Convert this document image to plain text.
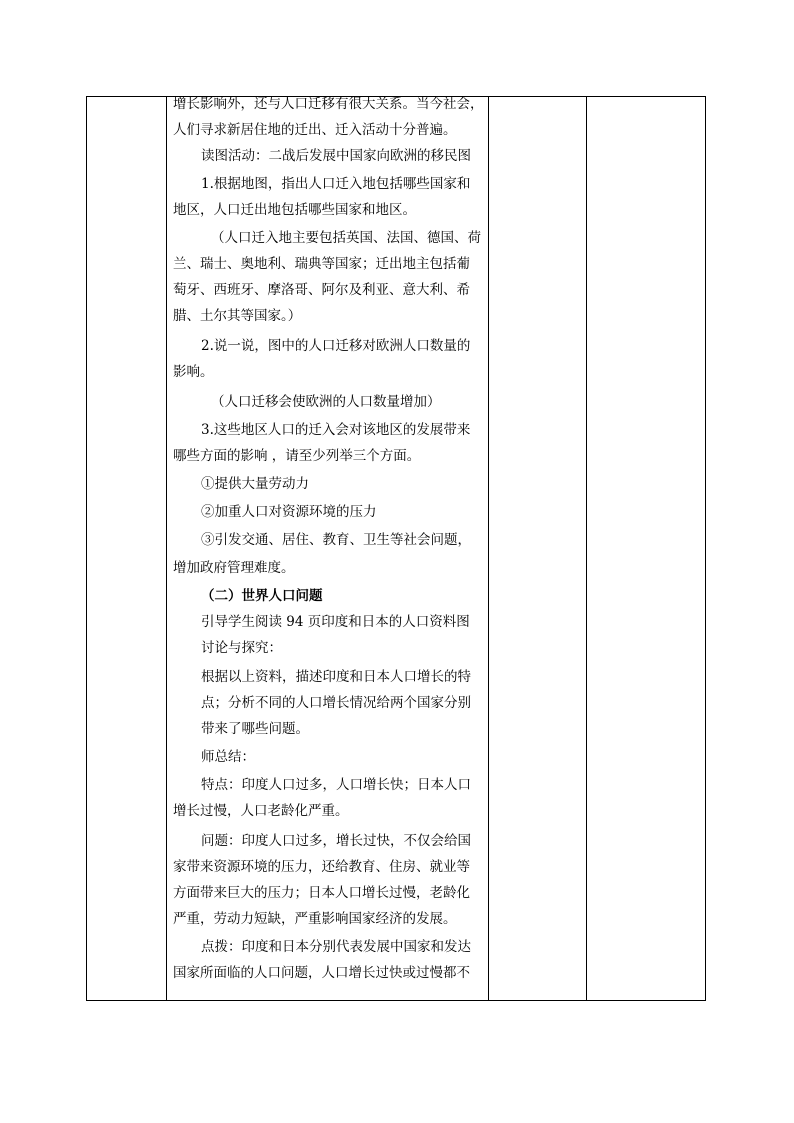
增长影响外，还与人口迁移有很大关系。当今社会，
人们寻求新居住地的迁出、迁入活动十分普遍。
读图活动：二战后发展中国家向欧洲的移民图
1.根据地图，指出人口迁入地包括哪些国家和
地区，人口迁出地包括哪些国家和地区。
（人口迁入地主要包括英国、法国、德国、荷
兰、瑞士、奥地利、瑞典等国家；迁出地主包括葡
萄牙、西班牙、摩洛哥、阿尔及利亚、意大利、希
腊、土尔其等国家。）
2.说一说，图中的人口迁移对欧洲人口数量的
影响。
（人口迁移会使欧洲的人口数量增加）
3.这些地区人口的迁入会对该地区的发展带来
哪些方面的影响 ，请至少列举三个方面。
①提供大量劳动力
②加重人口对资源环境的压力
③引发交通、居住、教育、卫生等社会问题，
增加政府管理难度。
（二）世界人口问题
引导学生阅读 94 页印度和日本的人口资料图
讨论与探究：
根据以上资料，描述印度和日本人口增长的特
点；分析不同的人口增长情况给两个国家分别
带来了哪些问题。
师总结：
特点：印度人口过多，人口增长快；日本人口
增长过慢，人口老龄化严重。
问题：印度人口过多，增长过快，不仅会给国
家带来资源环境的压力，还给教育、住房、就业等
方面带来巨大的压力；日本人口增长过慢，老龄化
严重，劳动力短缺，严重影响国家经济的发展。
点拨：印度和日本分别代表发展中国家和发达
国家所面临的人口问题，人口增长过快或过慢都不
